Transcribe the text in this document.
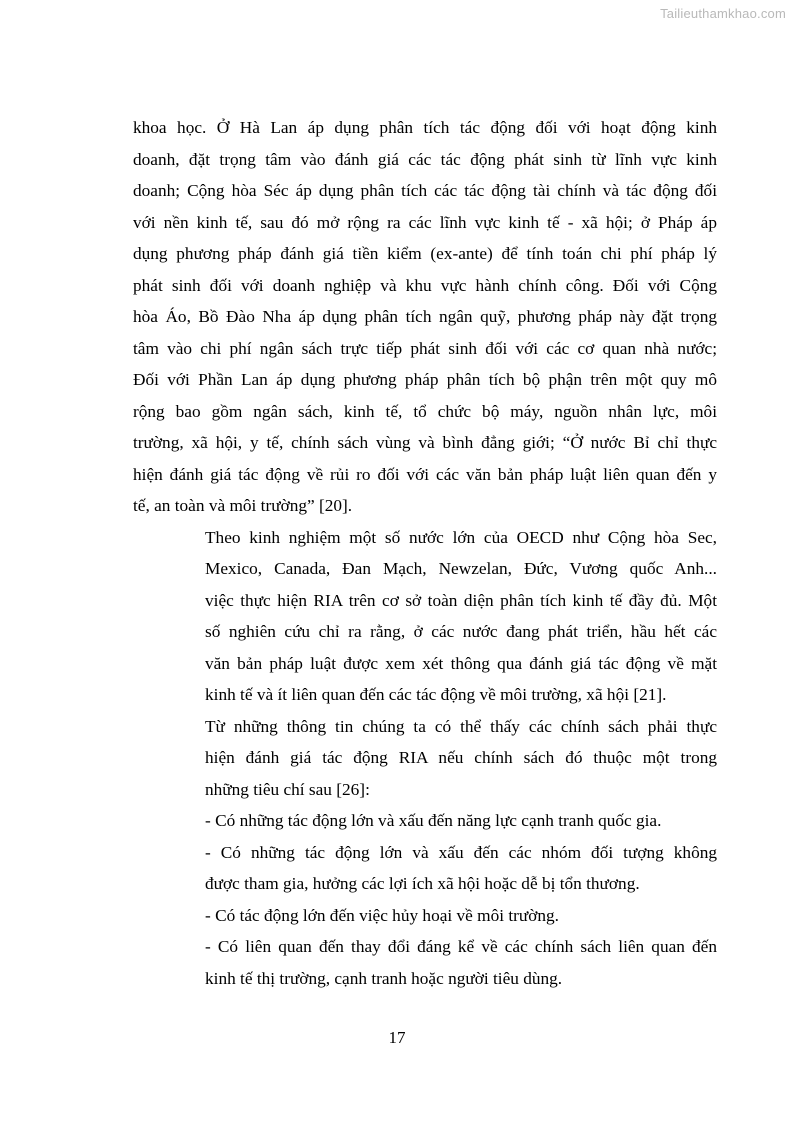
Tailieuthamkhao.com
khoa học. Ở Hà Lan áp dụng phân tích tác động đối với hoạt động kinh
doanh, đặt trọng tâm vào đánh giá các tác động phát sinh từ lĩnh vực kinh
doanh; Cộng hòa Séc áp dụng phân tích các tác động tài chính và tác động đối
với nền kinh tế, sau đó mở rộng ra các lĩnh vực kinh tế - xã hội; ở Pháp áp
dụng phương pháp đánh giá tiền kiểm (ex-ante) để tính toán chi phí pháp lý
phát sinh đối với doanh nghiệp và khu vực hành chính công. Đối với Cộng
hòa Áo, Bồ Đào Nha áp dụng phân tích ngân quỹ, phương pháp này đặt trọng
tâm vào chi phí ngân sách trực tiếp phát sinh đối với các cơ quan nhà nước;
Đối với Phần Lan áp dụng phương pháp phân tích bộ phận trên một quy mô
rộng bao gồm ngân sách, kinh tế, tổ chức bộ máy, nguồn nhân lực, môi
trường, xã hội, y tế, chính sách vùng và bình đẳng giới; “Ở nước Bỉ chỉ thực
hiện đánh giá tác động về rủi ro đối với các văn bản pháp luật liên quan đến y
tế, an toàn và môi trường” [20].
Theo kinh nghiệm một số nước lớn của OECD như Cộng hòa Sec,
Mexico, Canada, Đan Mạch, Newzelan, Đức, Vương quốc Anh...
việc thực hiện RIA trên cơ sở toàn diện phân tích kinh tế đầy đủ. Một
số nghiên cứu chỉ ra rằng, ở các nước đang phát triển, hầu hết các
văn bản pháp luật được xem xét thông qua đánh giá tác động về mặt
kinh tế và ít liên quan đến các tác động về môi trường, xã hội [21].
Từ những thông tin chúng ta có thể thấy các chính sách phải thực
hiện đánh giá tác động RIA nếu chính sách đó thuộc một trong
những tiêu chí sau [26]:
- Có những tác động lớn và xấu đến năng lực cạnh tranh quốc gia.
- Có những tác động lớn và xấu đến các nhóm đối tượng không
được tham gia, hưởng các lợi ích xã hội hoặc dễ bị tổn thương.
- Có tác động lớn đến việc hủy hoại về môi trường.
- Có liên quan đến thay đổi đáng kể về các chính sách liên quan đến
kinh tế thị trường, cạnh tranh hoặc người tiêu dùng.
17
